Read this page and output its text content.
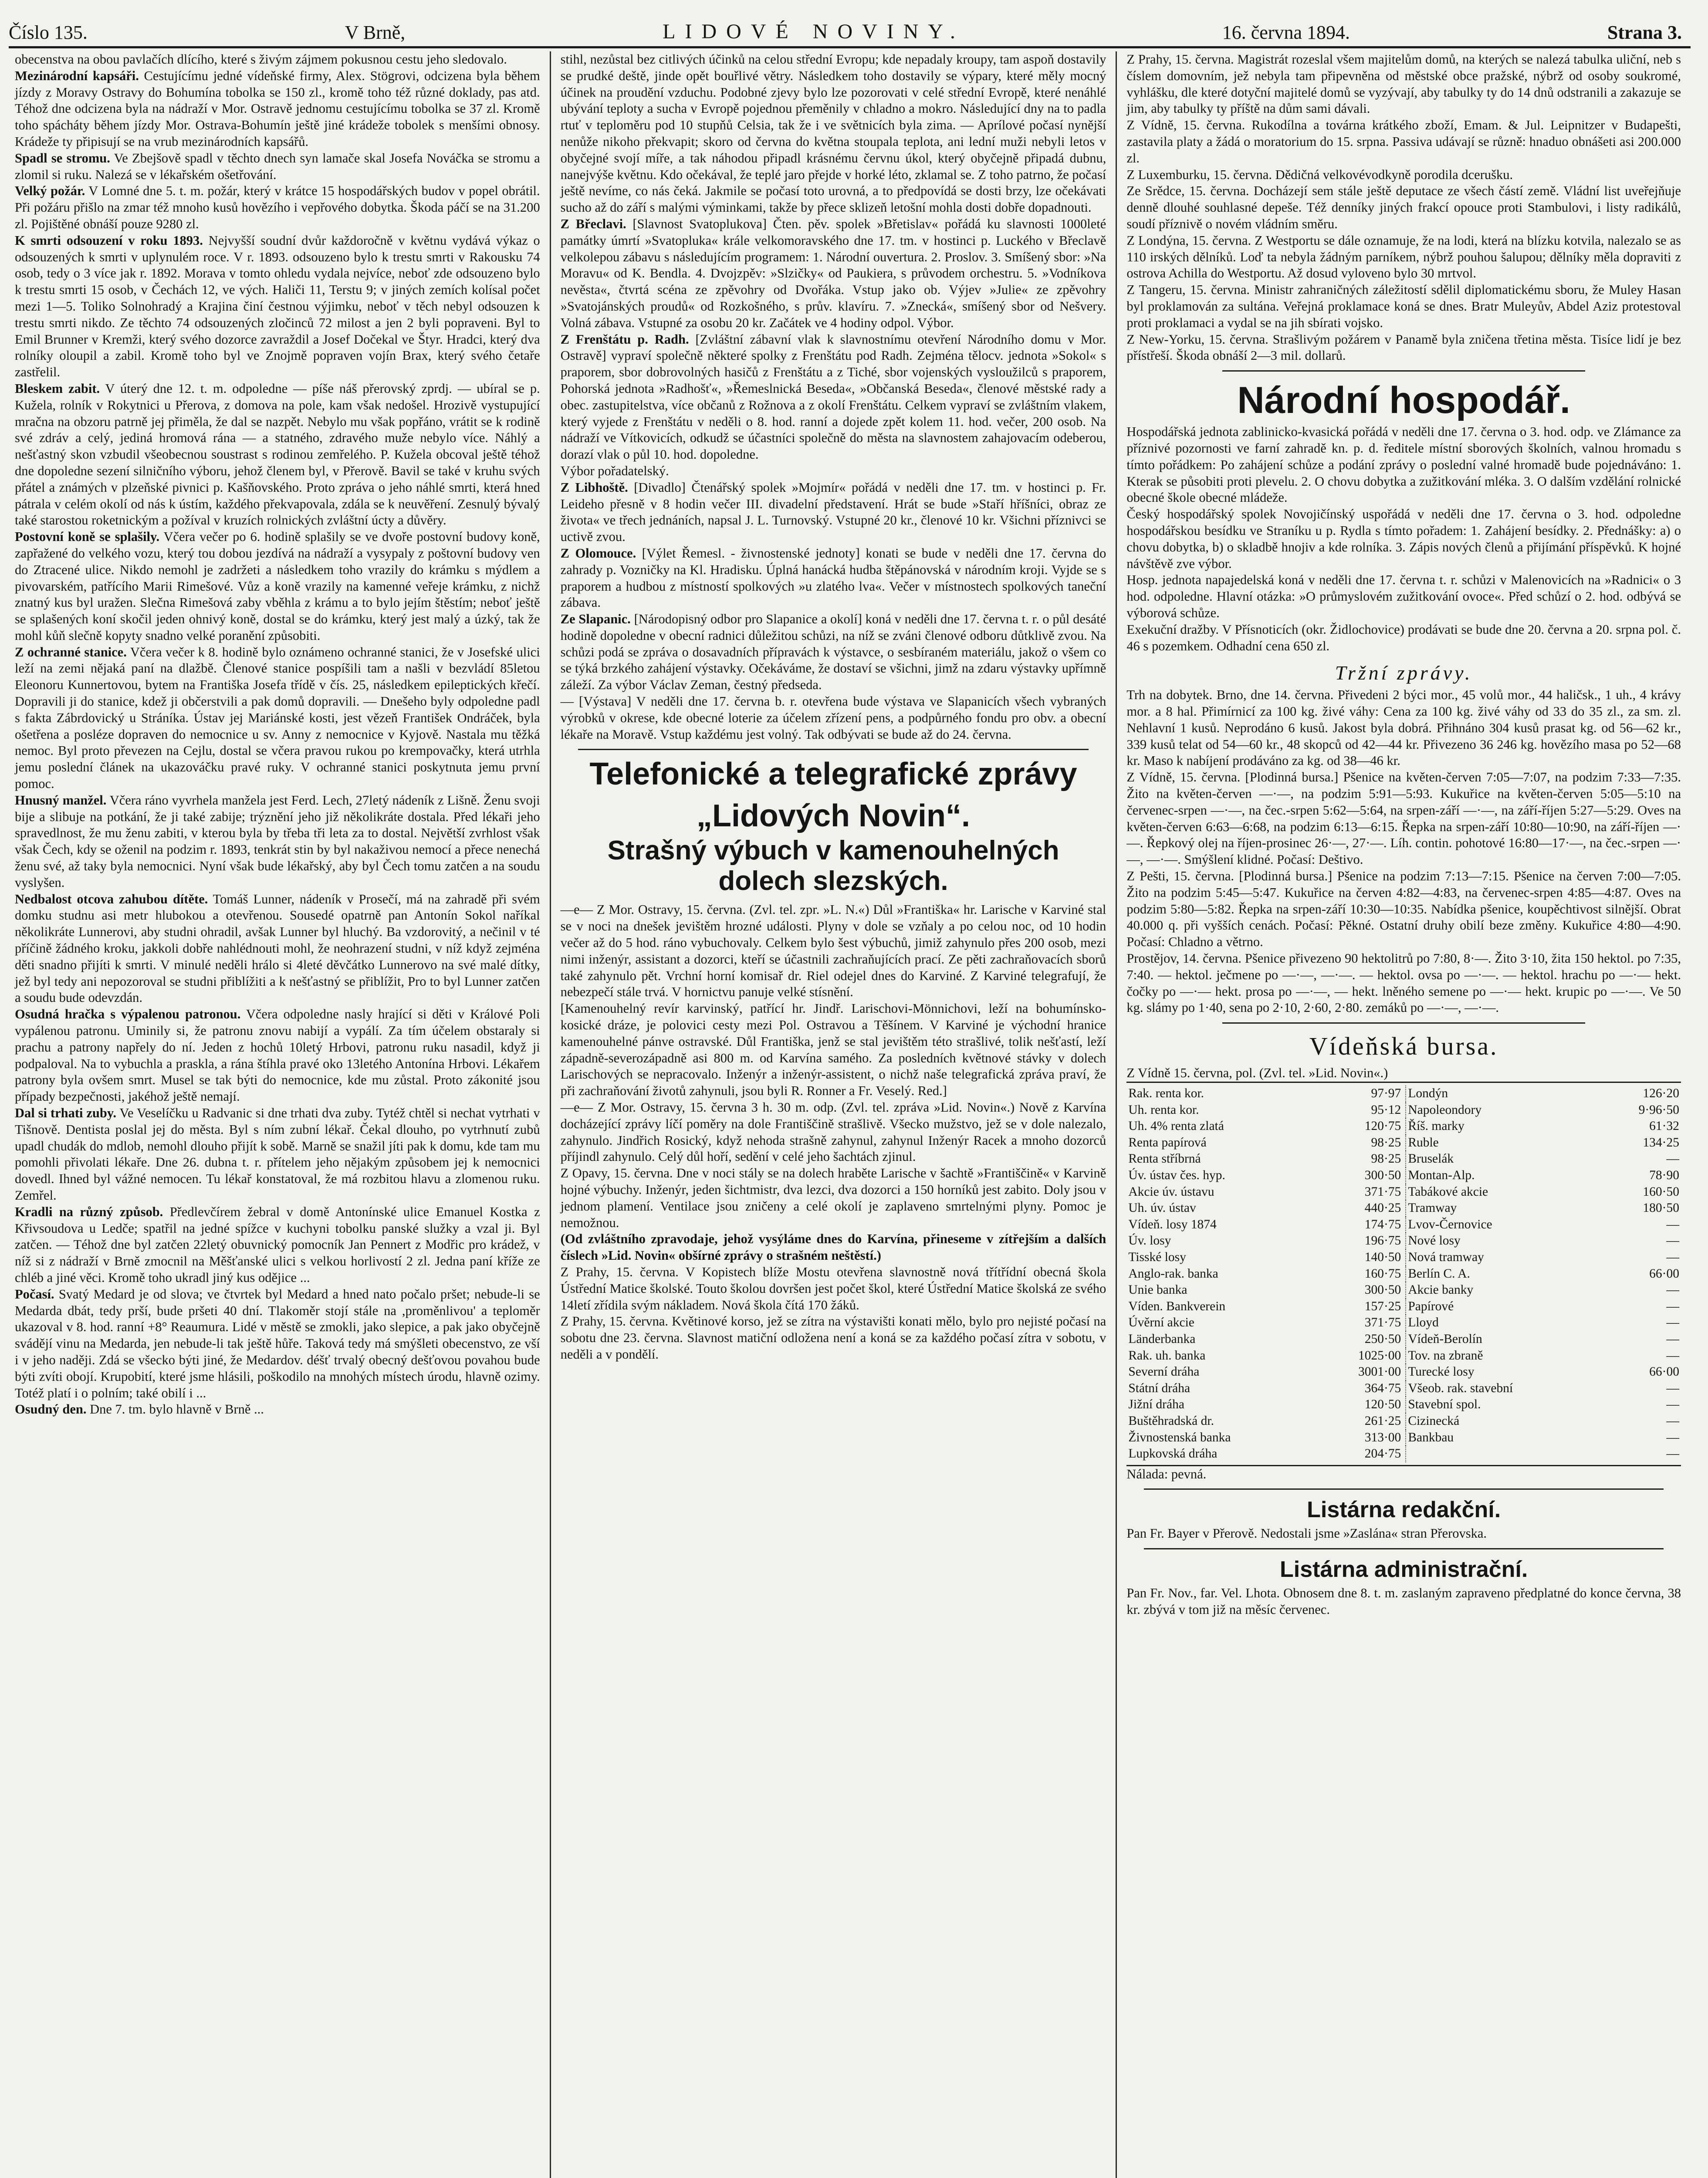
Číslo 135.	V Brně,	LIDOVÉ NOVINY.	16. června 1894.	Strana 3.

obecenstva na obou pavlačích dlícího, které s živým zájmem pokusnou cestu jeho sledovalo.

Mezinárodní kapsáři. Cestujícímu jedné vídeňské firmy, Alex. Stögrovi, odcizena byla během jízdy z Moravy Ostravy do Bohumína tobolka se 150 zl., kromě toho též různé doklady, pas atd. Téhož dne odcizena byla na nádraží v Mor. Ostravě jednomu cestujícímu tobolka se 37 zl. Kromě toho spácháty během jízdy Mor. Ostrava-Bohumín ještě jiné krádeže tobolek s menšími obnosy. Krádeže ty připisují se na vrub mezinárodních kapsářů.

Spadl se stromu. Ve Zbejšově spadl v těchto dnech syn lamače skal Josefa Nováčka se stromu a zlomil si ruku. Nalezá se v lékařském ošetřování.

Velký požár. V Lomné dne 5. t. m. požár, který v krátce 15 hospodářských budov v popel obrátil. Při požáru přišlo na zmar též mnoho kusů hovězího i vepřového dobytka. Škoda páčí se na 31.200 zl. Pojištěné obnáší pouze 9280 zl.

K smrti odsouzení v roku 1893. Nejvyšší soudní dvůr každoročně v květnu vydává výkaz o odsouzených k smrti v uplynulém roce. V r. 1893. odsouzeno bylo k trestu smrti v Rakousku 74 osob, tedy o 3 více jak r. 1892. Morava v tomto ohledu vydala nejvíce, neboť zde odsouzeno bylo k trestu smrti 15 osob, v Čechách 12, ve vých. Haliči 11, Terstu 9; v jiných zemích kolísal počet mezi 1—5. Toliko Solnohradý a Krajina činí čestnou výjimku, neboť v těch nebyl odsouzen k trestu smrti nikdo. Ze těchto 74 odsouzených zločinců 72 milost a jen 2 byli popraveni. Byl to Emil Brunner v Kremži, který svého dozorce zavraždil a Josef Dočekal ve Štyr. Hradci, který dva rolníky oloupil a zabil. Kromě toho byl ve Znojmě popraven vojín Brax, který svého četaře zastřelil.

Bleskem zabit. V úterý dne 12. t. m. odpoledne — píše náš přerovský zprdj. — ubíral se p. Kužela, rolník v Rokytnici u Přerova, z domova na pole, kam však nedošel. Hrozivě vystupující mračna na obzoru patrně jej přiměla, že dal se nazpět. Nebylo mu však popřáno, vrátit se k rodině své zdráv a celý, jediná hromová rána — a statného, zdravého muže nebylo více. Náhlý a nešťastný skon vzbudil všeobecnou soustrast s rodinou zemřelého. P. Kužela obcoval ještě téhož dne dopoledne sezení silničního výboru, jehož členem byl, v Přerově. Bavil se také v kruhu svých přátel a známých v plzeňské pivnici p. Kašňovského. Proto zpráva o jeho náhlé smrti, která hned pátrala v celém okolí od nás k ústím, každého překvapovala, zdála se k neuvěření. Zesnulý bývalý také starostou roketnickým a požíval v kruzích rolnických zvláštní úcty a důvěry.

Postovní koně se splašily. Včera večer po 6. hodině splašily se ve dvoře postovní budovy koně, zapřažené do velkého vozu, který tou dobou jezdívá na nádraží a vysypaly z poštovní budovy ven do Ztracené ulice. Nikdo nemohl je zadržeti a následkem toho vrazily do krámku s mýdlem a pivovarském, patřícího Marii Rimešové. Vůz a koně vrazily na kamenné veřeje krámku, z nichž znatný kus byl uražen. Slečna Rimešová zaby vběhla z krámu a to bylo jejím štěstím; neboť ještě se splašených koní skočil jeden ohnivý koně, dostal se do krámku, který jest malý a úzký, tak že mohl kůň slečně kopyty snadno velké poranění způsobiti.

Z ochranné stanice. Včera večer k 8. hodině bylo oznámeno ochranné stanici, že v Josefské ulici leží na zemi nějaká paní na dlažbě. Členové stanice pospíšili tam a našli v bezvládí 85letou Eleonoru Kunnertovou, bytem na Františka Josefa třídě v čís. 25, následkem epileptických křečí. Dopravili ji do stanice, kdež ji občerstvili a pak domů dopravili. — Dnešeho byly odpoledne padl s fakta Zábrdovický u Stráníka. Ústav jej Mariánské kosti, jest vězeň František Ondráček, byla ošetřena a posléze dopraven do nemocnice u sv. Anny z nemocnice v Kyjově. Nastala mu těžká nemoc. Byl proto převezen na Cejlu, dostal se včera pravou rukou po krempovačky, která utrhla jemu poslední článek na ukazováčku pravé ruky. V ochranné stanici poskytnuta jemu první pomoc.

Hnusný manžel. Včera ráno vyvrhela manžela jest Ferd. Lech, 27letý nádeník z Lišně. Ženu svoji bije a slibuje na potkání, že ji také zabije; trýznění jeho již několikráte dostala. Před lékaři jeho spravedlnost, že mu ženu zabiti, v kterou byla by třeba tři leta za to dostal. Největší zvrhlost však však Čech, kdy se oženil na podzim r. 1893, tenkrát stin by byl nakaživou nemocí a přece nenechá ženu své, až taky byla nemocnici. Nyní však bude lékařský, aby byl Čech tomu zatčen a na soudu vyslyšen.

Nedbalost otcova zahubou dítěte. Tomáš Lunner, nádeník v Prosečí, má na zahradě při svém domku studnu asi metr hlubokou a otevřenou. Sousedé opatrně pan Antonín Sokol naříkal několikráte Lunnerovi, aby studni ohradil, avšak Lunner byl hluchý. Ba vzdorovitý, a nečinil v té příčině žádného kroku, jakkoli dobře nahlédnouti mohl, že neohrazení studni, v níž když zejména děti snadno přijíti k smrti. V minulé neděli hrálo si 4leté děvčátko Lunnerovo na své malé dítky, jež byl tedy ani nepozoroval se studni přiblížiti a k nešťastný se přiblížit, Pro to byl Lunner zatčen a soudu bude odevzdán.

Osudná hračka s výpalenou patronou. Včera odpoledne nasly hrající si děti v Králové Poli vypálenou patronu. Uminily si, že patronu znovu nabijí a vypálí. Za tím účelem obstaraly si prachu a patrony napřely do ní. Jeden z hochů 10letý Hrbovi, patronu ruku nasadil, když ji podpaloval. Na to vybuchla a praskla, a rána štíhla pravé oko 13letého Antonína Hrbovi. Lékařem patrony byla ovšem smrt. Musel se tak býti do nemocnice, kde mu zůstal. Proto zákonité jsou případy bezpečnosti, jakéhož ještě nemají.

Dal si trhati zuby. Ve Veselíčku u Radvanic si dne trhati dva zuby. Tytéž chtěl si nechat vytrhati v Tišnově. Dentista poslal jej do města. Byl s ním zubní lékař. Čekal dlouho, po vytrhnutí zubů upadl chudák do mdlob, nemohl dlouho přijít k sobě. Marně se snažil jíti pak k domu, kde tam mu pomohli přivolati lékaře. Dne 26. dubna t. r. přítelem jeho nějakým způsobem jej k nemocnici dovedl. Ihned byl vážné nemocen. Tu lékař konstatoval, že má rozbitou hlavu a zlomenou ruku. Zemřel.

Kradli na různý způsob. Předlevčírem žebral v domě Antonínské ulice Emanuel Kostka z Křivsoudova u Ledče; spatřil na jedné spížce v kuchyni tobolku panské služky a vzal ji. Byl zatčen. — Téhož dne byl zatčen 22letý obuvnický pomocník Jan Pennert z Modřic pro krádež, v níž si z nádraží v Brně zmocnil na Měšťanské ulici s velkou horlivostí 2 zl. Jedna paní kříže ze chléb a jiné věci. Kromě toho ukradl jiný kus odějice ...

Počasí. Svatý Medard je od slova; ve čtvrtek byl Medard a hned nato počalo pršet; nebude-li se Medarda dbát, tedy prší, bude pršeti 40 dní. Tlakoměr stojí stále na ,proměnlivou' a teploměr ukazoval v 8. hod. ranní +8° Reaumura. Lidé v městě se zmokli, jako slepice, a pak jako obyčejně svádějí vinu na Medarda, jen nebude-li tak ještě hůře. Taková tedy má smýšleti obecenstvo, ze vší i v jeho naději. Zdá se všecko býti jiné, že Medardov. déšť trvalý obecný dešťovou povahou bude býti zvíti obojí. Krupobití, které jsme hlásili, poškodilo na mnohých místech úrodu, hlavně ozimy. Totéž platí i o polním; také obilí i ...

Osudný den. Dne 7. tm. bylo hlavně v Brně ...

stihl, nezůstal bez citlivých účinků na celou střední Evropu; kde nepadaly kroupy, tam aspoň dostavily se prudké deště, jinde opět bouřlivé větry. Následkem toho dostavily se výpary, které měly mocný účinek na proudění vzduchu. Podobné zjevy bylo lze pozorovati v celé střední Evropě, které nenáhlé ubývání teploty a sucha v Evropě pojednou přeměnily v chladno a mokro. Následující dny na to padla rtuť v teploměru pod 10 stupňů Celsia, tak že i ve světnicích byla zima. — Aprílové počasí nynější nenůže nikoho překvapit; skoro od června do května stoupala teplota, ani lední muži nebyli letos v obyčejné svojí míře, a tak náhodou připadl krásnému červnu úkol, který obyčejně připadá dubnu, nanejvýše květnu. Kdo očekával, že teplé jaro přejde v horké léto, zklamal se. Z toho patrno, že počasí ještě nevíme, co nás čeká. Jakmile se počasí toto urovná, a to předpovídá se dosti brzy, lze očekávati sucho až do září s malými výminkami, takže by přece sklizeň letošní mohla dosti dobře dopadnouti.

Z Břeclavi. [Slavnost Svatoplukova] Čten. pěv. spolek »Břetislav« pořádá ku slavnosti 1000leté památky úmrtí »Svatopluka« krále velkomoravského dne 17. tm. v hostinci p. Luckého v Břeclavě velkolepou zábavu s následujícím programem: 1. Národní ouvertura. 2. Proslov. 3. Smíšený sbor: »Na Moravu« od K. Bendla. 4. Dvojzpěv: »Slzičky« od Paukiera, s průvodem orchestru. 5. »Vodníkova nevěsta«, čtvrtá scéna ze zpěvohry od Dvořáka. Vstup jako ob. Výjev »Julie« ze zpěvohry »Svatojánských proudů« od Rozkošného, s prův. klavíru. 7. »Znecká«, smíšený sbor od Nešvery. Volná zábava. Vstupné za osobu 20 kr. Začátek ve 4 hodiny odpol. Výbor.

Z Frenštátu p. Radh. [Zvláštní zábavní vlak k slavnostnímu otevření Národního domu v Mor. Ostravě] vypraví společně některé spolky z Frenštátu pod Radh. Zejména tělocv. jednota »Sokol« s praporem, sbor dobrovolných hasičů z Frenštátu a z Tiché, sbor vojenských vysloužilců s praporem, Pohorská jednota »Radhošť«, »Řemeslnická Beseda«, »Občanská Beseda«, členové městské rady a obec. zastupitelstva, více občanů z Rožnova a z okolí Frenštátu. Celkem vypraví se zvláštním vlakem, který vyjede z Frenštátu v neděli o 8. hod. ranní a dojede zpět kolem 11. hod. večer, 200 osob. Na nádraží ve Vítkovicích, odkudž se účastníci společně do města na slavnostem zahajovacím odeberou, dorazí vlak o půl 10. hod. dopoledne.

Výbor pořadatelský.

Z Libhoště. [Divadlo] Čtenářský spolek »Mojmír« pořádá v neděli dne 17. tm. v hostinci p. Fr. Leideho přesně v 8 hodin večer III. divadelní představení. Hrát se bude »Staří hříšníci, obraz ze života« ve třech jednáních, napsal J. L. Turnovský. Vstupné 20 kr., členové 10 kr. Všichni příznivci se uctivě zvou.

Z Olomouce. [Výlet Řemesl. - živnostenské jednoty] konati se bude v neděli dne 17. června do zahrady p. Vozničky na Kl. Hradisku. Úplná hanácká hudba štěpánovská v národním kroji. Vyjde se s praporem a hudbou z místností spolkových »u zlatého lva«. Večer v místnostech spolkových taneční zábava.

Ze Slapanic. [Národopisný odbor pro Slapanice a okolí] koná v neděli dne 17. června t. r. o půl desáté hodině dopoledne v obecní radnici důležitou schůzi, na níž se zváni členové odboru důtklivě zvou. Na schůzi podá se zpráva o dosavadních přípravách k výstavce, o sesbíraném materiálu, jakož o všem co se týká brzkého zahájení výstavky. Očekáváme, že dostaví se všichni, jimž na zdaru výstavky upřímně záleží. Za výbor Václav Zeman, čestný předseda.

— [Výstava] V neděli dne 17. června b. r. otevřena bude výstava ve Slapanicích všech vybraných výrobků v okrese, kde obecné loterie za účelem zřízení pens, a podpůrného fondu pro obv. a obecní lékaře na Moravě. Vstup každému jest volný. Tak odbývati se bude až do 24. června.

Telefonické a telegrafické zprávy
„Lidových Novin“.
Strašný výbuch v kamenouhelných dolech slezských.

—e— Z Mor. Ostravy, 15. června. (Zvl. tel. zpr. »L. N.«) Důl »Františka« hr. Larische v Karviné stal se v noci na dnešek jevištěm hrozné události. Plyny v dole se vzňaly a po celou noc, od 10 hodin večer až do 5 hod. ráno vybuchovaly. Celkem bylo šest výbuchů, jimiž zahynulo přes 200 osob, mezi nimi inženýr, assistant a dozorci, kteří se účastnili zachraňujících prací. Ze pěti zachraňovacích sborů také zahynulo pět. Vrchní horní komisař dr. Riel odejel dnes do Karviné. Z Karviné telegrafují, že nebezpečí stále trvá. V hornictvu panuje velké stísnění.

[Kamenouhelný revír karvinský, patřící hr. Jindř. Larischovi-Mönnichovi, leží na bohumínsko-kosické dráze, je polovici cesty mezi Pol. Ostravou a Těšínem. V Karviné je východní hranice kamenouhelné pánve ostravské. Důl Františka, jenž se stal jevištěm této strašlivé, tolik nešťastí, leží západně-severozápadně asi 800 m. od Karvína samého. Za posledních květnové stávky v dolech Larischových se nepracovalo. Inženýr a inženýr-assistent, o nichž naše telegrafická zpráva praví, že při zachraňování životů zahynuli, jsou byli R. Ronner a Fr. Veselý. Red.]

—e— Z Mor. Ostravy, 15. června 3 h. 30 m. odp. (Zvl. tel. zpráva »Lid. Novin«.) Nově z Karvína docházející zprávy líčí poměry na dole Františčině strašlivě. Všecko mužstvo, jež se v dole nalezalo, zahynulo. Jindřich Rosický, když nehoda strašně zahynul, zahynul Inženýr Racek a mnoho dozorců příjindl zahynulo. Celý důl hoří, sedění v celé jeho šachtách zjinul.

Z Opavy, 15. června. Dne v noci stály se na dolech hraběte Larische v šachtě »Františčině« v Karvině hojné výbuchy. Inženýr, jeden šichtmistr, dva lezci, dva dozorci a 150 horníků jest zabito. Doly jsou v jednom plamení. Ventilace jsou zničeny a celé okolí je zaplaveno smrtelnými plyny. Pomoc je nemožnou.

(Od zvláštního zpravodaje, jehož vysýláme dnes do Karvína, přineseme v zítřejším a dalších číslech »Lid. Novin« obšírné zprávy o strašném neštěstí.)

Z Prahy, 15. června. V Kopistech blíže Mostu otevřena slavnostně nová třítřídní obecná škola Ústřední Matice školské. Touto školou dovršen jest počet škol, které Ústřední Matice školská ze svého 14letí zřídila svým nákladem. Nová škola čítá 170 žáků.

Z Prahy, 15. června. Květinové korso, jež se zítra na výstavišti konati mělo, bylo pro nejisté počasí na sobotu dne 23. června. Slavnost matiční odložena není a koná se za každého počasí zítra v sobotu, v neděli a v pondělí.

Z Prahy, 15. června. Magistrát rozeslal všem majitelům domů, na kterých se nalezá tabulka uliční, neb s číslem domovním, jež nebyla tam připevněna od městské obce pražské, nýbrž od osoby soukromé, vyhlášku, dle které dotyční majitelé domů se vyzývají, aby tabulky ty do 14 dnů odstranili a zakazuje se jim, aby tabulky ty příště na dům sami dávali.

Z Vídně, 15. června. Rukodílna a továrna krátkého zboží, Emam. & Jul. Leipnitzer v Budapešti, zastavila platy a žádá o moratorium do 15. srpna. Passiva udávají se různě: hnaduo obnášeti asi 200.000 zl.

Z Luxemburku, 15. června. Dědičná velkovévodkyně porodila dcerušku.

Ze Srědce, 15. června. Docházejí sem stále ještě deputace ze všech částí země. Vládní list uveřejňuje denně dlouhé souhlasné depeše. Též denníky jiných frakcí opouce proti Stambulovi, i listy radikálů, soudí příznivě o novém vládním směru.

Z Londýna, 15. června. Z Westportu se dále oznamuje, že na lodi, která na blízku kotvila, nalezalo se as 110 irských dělníků. Loď ta nebyla žádným parníkem, nýbrž pouhou šalupou; dělníky měla dopraviti z ostrova Achilla do Westportu. Až dosud vyloveno bylo 30 mrtvol.

Z Tangeru, 15. června. Ministr zahraničných záležitostí sdělil diplomatickému sboru, že Muley Hasan byl proklamován za sultána. Veřejná proklamace koná se dnes. Bratr Muleyův, Abdel Aziz protestoval proti proklamaci a vydal se na jih sbírati vojsko.

Z New-Yorku, 15. června. Strašlivým požárem v Panamě byla zničena třetina města. Tisíce lidí je bez přístřeší. Škoda obnáší 2—3 mil. dollarů.

Národní hospodář.

Hospodářská jednota zablinicko-kvasická pořádá v neděli dne 17. června o 3. hod. odp. ve Zlámance za příznivé pozornosti ve farní zahradě kn. p. d. ředitele místní sborových školních, valnou hromadu s tímto pořádkem: Po zahájení schůze a podání zprávy o poslední valné hromadě bude pojednáváno: 1. Kterak se působiti proti plevelu. 2. O chovu dobytka a zužitkování mléka. 3. O dalším vzdělání rolnické obecné škole obecné mládeže.

Český hospodářský spolek Novojičínský uspořádá v neděli dne 17. června o 3. hod. odpoledne hospodářskou besídku ve Straníku u p. Rydla s tímto pořadem: 1. Zahájení besídky. 2. Přednášky: a) o chovu dobytka, b) o skladbě hnojiv a kde rolníka. 3. Zápis nových členů a přijímání příspěvků. K hojné návštěvě zve výbor.

Hosp. jednota napajedelská koná v neděli dne 17. června t. r. schůzi v Malenovicích na »Radnici« o 3 hod. odpoledne. Hlavní otázka: »O průmyslovém zužitkování ovoce«. Před schůzí o 2. hod. odbývá se výborová schůze.

Exekuční dražby. V Přísnoticích (okr. Židlochovice) prodávati se bude dne 20. června a 20. srpna pol. č. 46 s pozemkem. Odhadní cena 650 zl.

Tržní zprávy.

Trh na dobytek. Brno, dne 14. června. Přivedeni 2 býci mor., 45 volů mor., 44 haličsk., 1 uh., 4 krávy mor. a 8 hal. Přimírnicí za 100 kg. živé váhy: Cena za 100 kg. živé váhy od 33 do 35 zl., za sm. zl. Nehlavní 1 kusů. Neprodáno 6 kusů. Jakost byla dobrá. Přihnáno 304 kusů prasat kg. od 56—62 kr., 339 kusů telat od 54—60 kr., 48 skopců od 42—44 kr. Přivezeno 36 246 kg. hovězího masa po 52—68 kr. Maso k nabíjení prodáváno za kg. od 38—46 kr.

Z Vídně, 15. června. [Plodinná bursa.] Pšenice na květen-červen 7:05—7:07, na podzim 7:33—7:35. Žito na květen-červen —·—, na podzim 5:91—5:93. Kukuřice na květen-červen 5:05—5:10 na červenec-srpen —·—, na čec.-srpen 5:62—5:64, na srpen-září —·—, na září-říjen 5:27—5:29. Oves na květen-červen 6:63—6:68, na podzim 6:13—6:15. Řepka na srpen-září 10:80—10:90, na září-říjen —·—. Řepkový olej na říjen-prosinec 26·—, 27·—. Líh. contin. pohotové 16:80—17·—, na čec.-srpen —·—, —·—. Smýšlení klidné. Počasí: Deštivo.

Z Pešti, 15. června. [Plodinná bursa.] Pšenice na podzim 7:13—7:15. Pšenice na červen 7:00—7:05. Žito na podzim 5:45—5:47. Kukuřice na červen 4:82—4:83, na červenec-srpen 4:85—4:87. Oves na podzim 5:80—5:82. Řepka na srpen-září 10:30—10:35. Nabídka pšenice, koupěchtivost silnější. Obrat 40.000 q. při vyšších cenách. Počasí: Pěkné. Ostatní druhy obilí beze změny. Kukuřice 4:80—4:90. Počasí: Chladno a větrno.

Prostějov, 14. června. Pšenice přivezeno 90 hektolitrů po 7:80, 8·—. Žito 3·10, žita 150 hektol. po 7:35, 7:40. — hektol. ječmene po —·—, —·—. — hektol. ovsa po —·—. — hektol. hrachu po —·— hekt. čočky po —·— hekt. prosa po —·—, — hekt. lněného semene po —·— hekt. krupic po —·—. Ve 50 kg. slámy po 1·40, sena po 2·10, 2·60, 2·80. zemáků po —·—, —·—.

Vídeňská bursa.

Z Vídně 15. června, pol. (Zvl. tel. »Lid. Novin«.)

Rak. renta kor.	97·97	Londýn	126·20
Uh. renta kor.	95·12	Napoleondory	9·96·50
Uh. 4% renta zlatá	120·75	Říš. marky	61·32
Renta papírová	98·25	Ruble	134·25
Renta stříbrná	98·25	Bruselák	—
Úv. ústav čes. hyp.	300·50	Montan-Alp.	78·90
Akcie úv. ústavu	371·75	Tabákové akcie	160·50
Uh. úv. ústav	440·25	Tramway	180·50
Vídeň. losy 1874	174·75	Lvov-Černovice	—
Úv. losy	196·75	Nové losy	—
Tisské losy	140·50	Nová tramway	—
Anglo-rak. banka	160·75	Berlín C. A.	66·00
Unie banka	300·50	Akcie banky	—
Víden. Bankverein	157·25	Papírové	—
Úvěrní akcie	371·75	Lloyd	—
Länderbanka	250·50	Vídeň-Berolín	—
Rak. uh. banka	1025·00	Tov. na zbraně	—
Severní dráha	3001·00	Turecké losy	66·00
Státní dráha	364·75	Všeob. rak. stavební	—
Jižní dráha	120·50	Stavební spol.	—
Buštěhradská dr.	261·25	Cizinecká	—
Živnostenská banka	313·00	Bankbau	—
Lupkovská dráha	204·75		—

Nálada: pevná.

Listárna redakční.

Pan Fr. Bayer v Přerově. Nedostali jsme »Zaslána« stran Přerovska.

Listárna administrační.

Pan Fr. Nov., far. Vel. Lhota. Obnosem dne 8. t. m. zaslaným zapraveno předplatné do konce června, 38 kr. zbývá v tom již na měsíc červenec.
